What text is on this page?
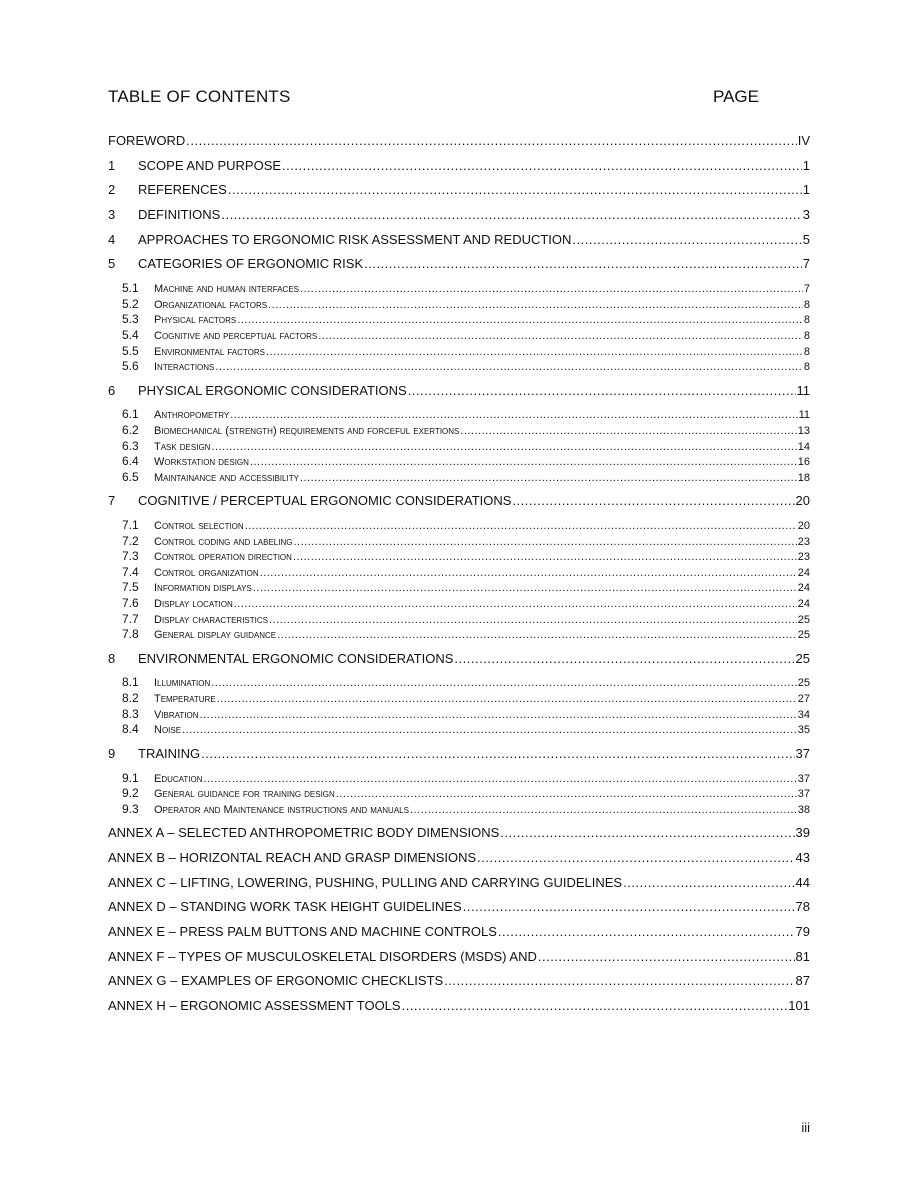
TABLE OF CONTENTS	PAGE
FOREWORD .....	IV
1 SCOPE AND PURPOSE .....	1
2 REFERENCES .....	1
3 DEFINITIONS .....	3
4 APPROACHES TO ERGONOMIC RISK ASSESSMENT AND REDUCTION .....	5
5 CATEGORIES OF ERGONOMIC RISK .....	7
5.1 Machine and human interfaces .....	7
5.2 Organizational factors .....	8
5.3 Physical factors .....	8
5.4 Cognitive and perceptual factors .....	8
5.5 Environmental factors .....	8
5.6 Interactions .....	8
6 PHYSICAL ERGONOMIC CONSIDERATIONS .....	11
6.1 Anthropometry .....	11
6.2 Biomechanical (strength) requirements and forceful exertions .....	13
6.3 Task design .....	14
6.4 Workstation design .....	16
6.5 Maintainance and accessibility .....	18
7 COGNITIVE / PERCEPTUAL ERGONOMIC CONSIDERATIONS .....	20
7.1 Control selection .....	20
7.2 Control coding and labeling .....	23
7.3 Control operation direction .....	23
7.4 Control organization .....	24
7.5 Information displays .....	24
7.6 Display location .....	24
7.7 Display characteristics .....	25
7.8 General display guidance .....	25
8 ENVIRONMENTAL ERGONOMIC CONSIDERATIONS .....	25
8.1 Illumination .....	25
8.2 Temperature .....	27
8.3 Vibration .....	34
8.4 Noise .....	35
9 TRAINING .....	37
9.1 Education .....	37
9.2 General guidance for training design .....	37
9.3 Operator and Maintenance instructions and manuals .....	38
ANNEX A – SELECTED ANTHROPOMETRIC BODY DIMENSIONS .....	39
ANNEX B – HORIZONTAL REACH AND GRASP DIMENSIONS .....	43
ANNEX C – LIFTING, LOWERING, PUSHING, PULLING AND CARRYING GUIDELINES .....	44
ANNEX D – STANDING WORK TASK HEIGHT GUIDELINES .....	78
ANNEX E – PRESS PALM BUTTONS AND MACHINE CONTROLS .....	79
ANNEX F – TYPES OF MUSCULOSKELETAL DISORDERS (MSDS) AND .....	81
ANNEX G – EXAMPLES OF ERGONOMIC CHECKLISTS .....	87
ANNEX H – ERGONOMIC ASSESSMENT TOOLS .....	101
iii
